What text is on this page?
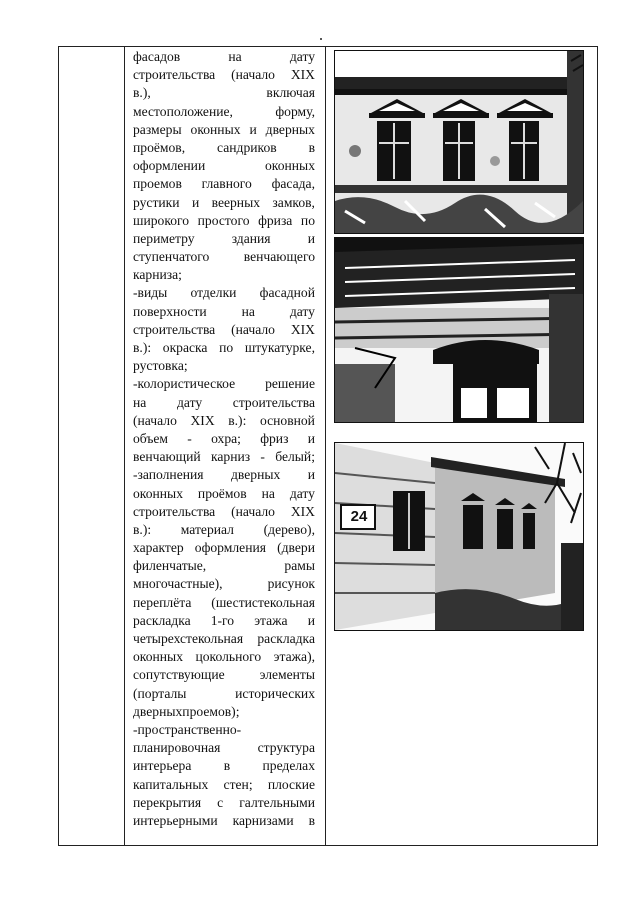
фасадов	на	дату
строительства (начало XIX
в.),	включая
местоположение,	форму,
размеры оконных и дверных
проёмов, сандриков в
оформлении	оконных
проемов главного фасада,
рустики и веерных замков,
широкого простого фриза по
периметру	здания	и
ступенчатого	венчающего
карниза;
-виды отделки фасадной
поверхности	на	дату
строительства (начало XIX
в.): окраска по штукатурке,
рустовка;
-колористическое решение
на дату строительства
(начало XIX в.): основной
объем - охра; фриз и
венчающий карниз - белый;
-заполнения дверных и
оконных проёмов на дату
строительства (начало XIX
в.): материал (дерево),
характер оформления (двери
филенчатые,	рамы
многочастные),	рисунок
переплёта (шестистекольная
раскладка 1-го этажа и
четырехстекольная раскладка
оконных цокольного этажа),
сопутствующие	элементы
(порталы	исторических
дверных проемов);
-пространственно-
планировочная	структура
интерьера в пределах
капитальных стен; плоские
перекрытия с галтельными
интерьерными карнизами в
24
